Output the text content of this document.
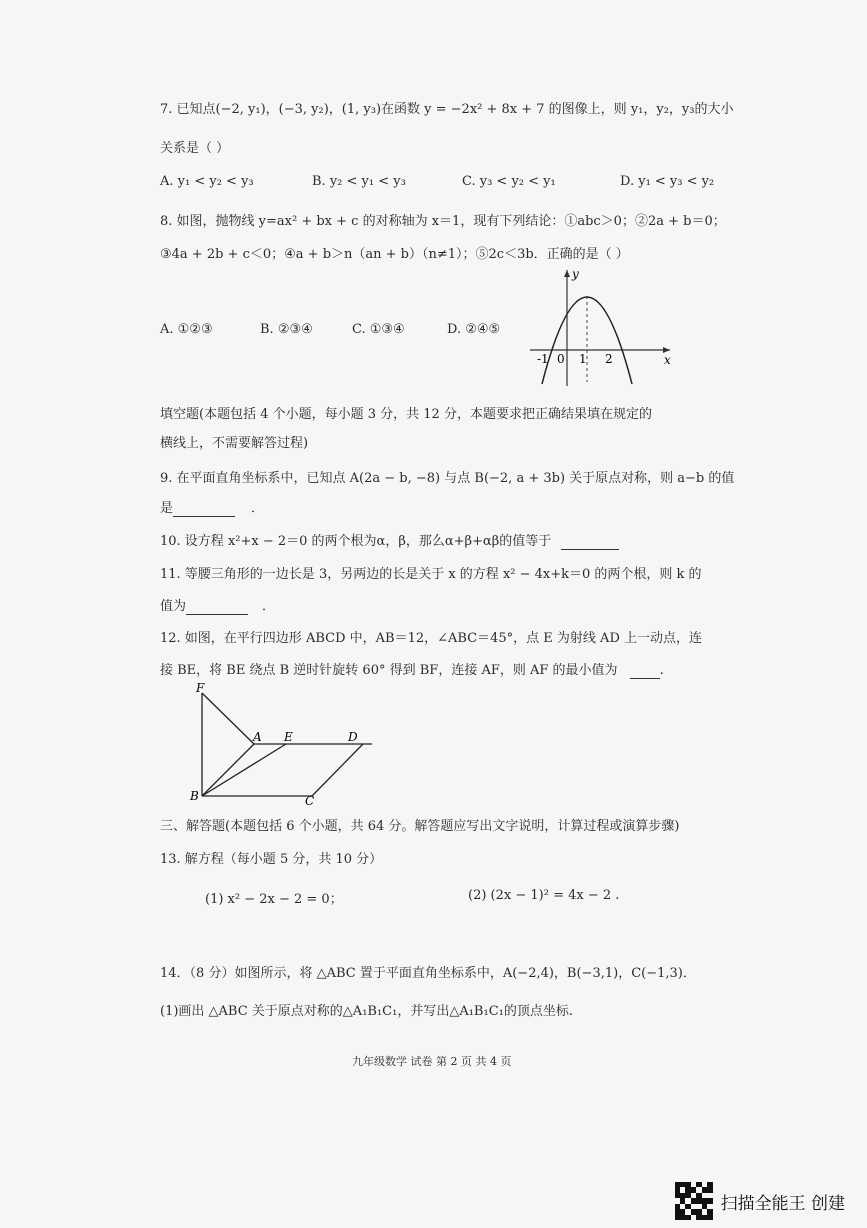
7. 已知点(−2, y₁)，(−3, y₂)，(1, y₃)在函数 y = −2x² + 8x + 7 的图像上，则 y₁，y₂，y₃的大小
关系是（ ）
A. y₁ < y₂ < y₃	B. y₂ < y₁ < y₃	C. y₃ < y₂ < y₁	D. y₁ < y₃ < y₂
8. 如图，抛物线 y=ax² + bx + c 的对称轴为 x＝1，现有下列结论：①abc＞0；②2a + b＝0；
③4a + 2b + c＜0；④a + b＞n（an + b）（n≠1）；⑤2c＜3b．正确的是（ ）
A. ①②③	B. ②③④	C. ①③④	D. ②④⑤
y
x
-1 0 1 2
填空题(本题包括 4 个小题，每小题 3 分，共 12 分，本题要求把正确结果填在规定的
横线上，不需要解答过程)
9. 在平面直角坐标系中，已知点 A(2a − b, −8) 与点 B(−2, a + 3b) 关于原点对称，则 a−b 的值
是	．
10. 设方程 x²+x − 2＝0 的两个根为α，β，那么α+β+αβ的值等于
11. 等腰三角形的一边长是 3，另两边的长是关于 x 的方程 x² − 4x+k＝0 的两个根，则 k 的
值为	．
12. 如图，在平行四边形 ABCD 中，AB＝12，∠ABC＝45°，点 E 为射线 AD 上一动点，连
接 BE，将 BE 绕点 B 逆时针旋转 60° 得到 BF，连接 AF，则 AF 的最小值为	.
F
A E	D
B	C
三、解答题(本题包括 6 个小题，共 64 分。解答题应写出文字说明，计算过程或演算步骤)
13. 解方程（每小题 5 分，共 10 分）
(1) x² − 2x − 2 = 0；	(2) (2x − 1)² = 4x − 2 .
14．（8 分）如图所示，将 △ABC 置于平面直角坐标系中，A(−2,4)，B(−3,1)，C(−1,3)．
(1)画出 △ABC 关于原点对称的△A₁B₁C₁，并写出△A₁B₁C₁的顶点坐标.
九年级数学 试卷 第 2 页 共 4 页
扫描全能王 创建
